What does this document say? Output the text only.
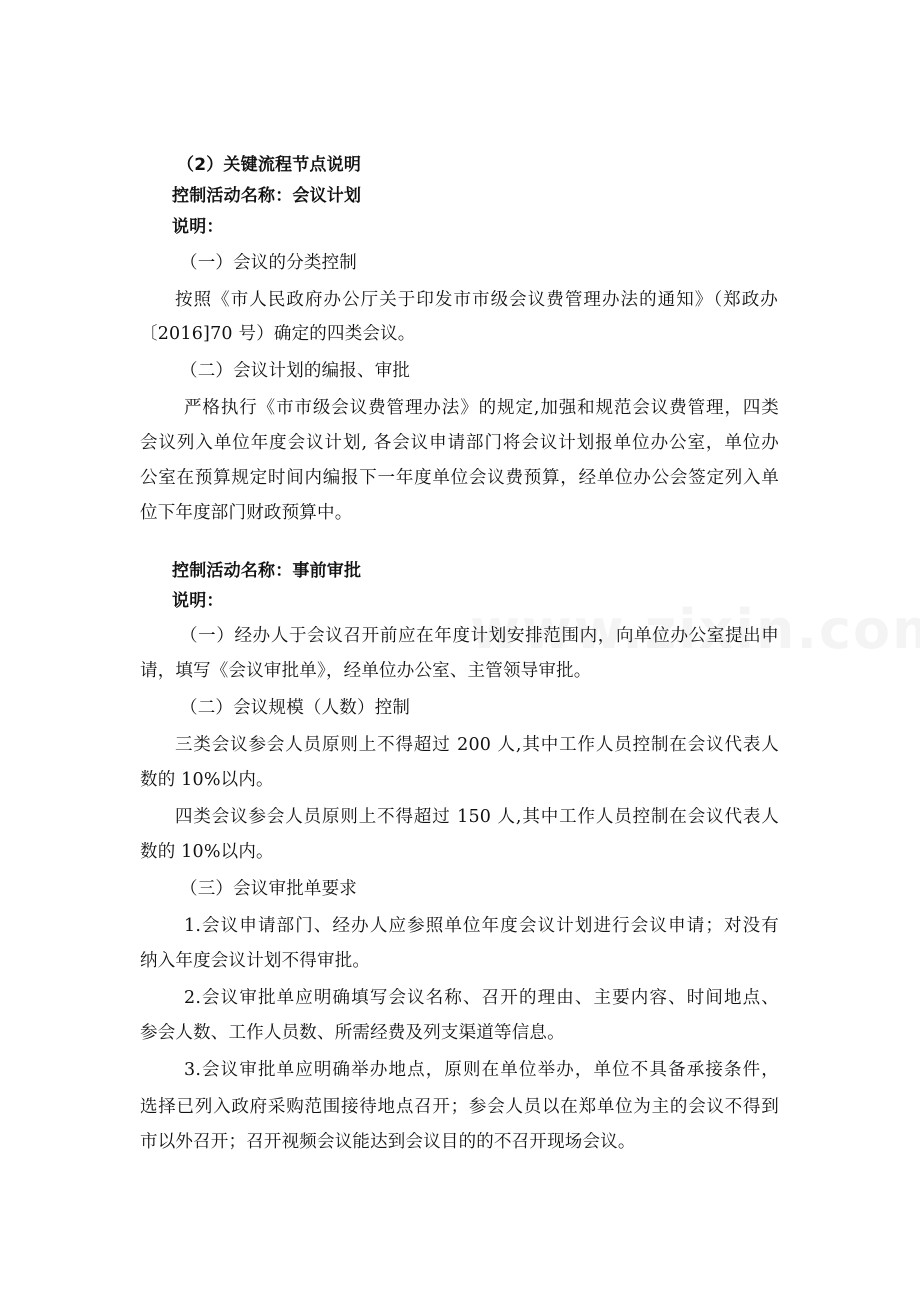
（2）关键流程节点说明
控制活动名称：会议计划
说明：
（一）会议的分类控制
按照《市人民政府办公厅关于印发市市级会议费管理办法的通知》（郑政办
〔2016]70 号）确定的四类会议。
（二）会议计划的编报、审批
严格执行《市市级会议费管理办法》的规定,加强和规范会议费管理，四类
会议列入单位年度会议计划, 各会议申请部门将会议计划报单位办公室，单位办
公室在预算规定时间内编报下一年度单位会议费预算，经单位办公会签定列入单
位下年度部门财政预算中。
控制活动名称：事前审批
说明：
（一）经办人于会议召开前应在年度计划安排范围内，向单位办公室提出申
请，填写《会议审批单》，经单位办公室、主管领导审批。
（二）会议规模（人数）控制
三类会议参会人员原则上不得超过 200 人,其中工作人员控制在会议代表人
数的 10%以内。
四类会议参会人员原则上不得超过 150 人,其中工作人员控制在会议代表人
数的 10%以内。
（三）会议审批单要求
1.会议申请部门、经办人应参照单位年度会议计划进行会议申请；对没有
纳入年度会议计划不得审批。
2.会议审批单应明确填写会议名称、召开的理由、主要内容、时间地点、
参会人数、工作人员数、所需经费及列支渠道等信息。
3.会议审批单应明确举办地点，原则在单位举办，单位不具备承接条件，
选择已列入政府采购范围接待地点召开；参会人员以在郑单位为主的会议不得到
市以外召开；召开视频会议能达到会议目的的不召开现场会议。
